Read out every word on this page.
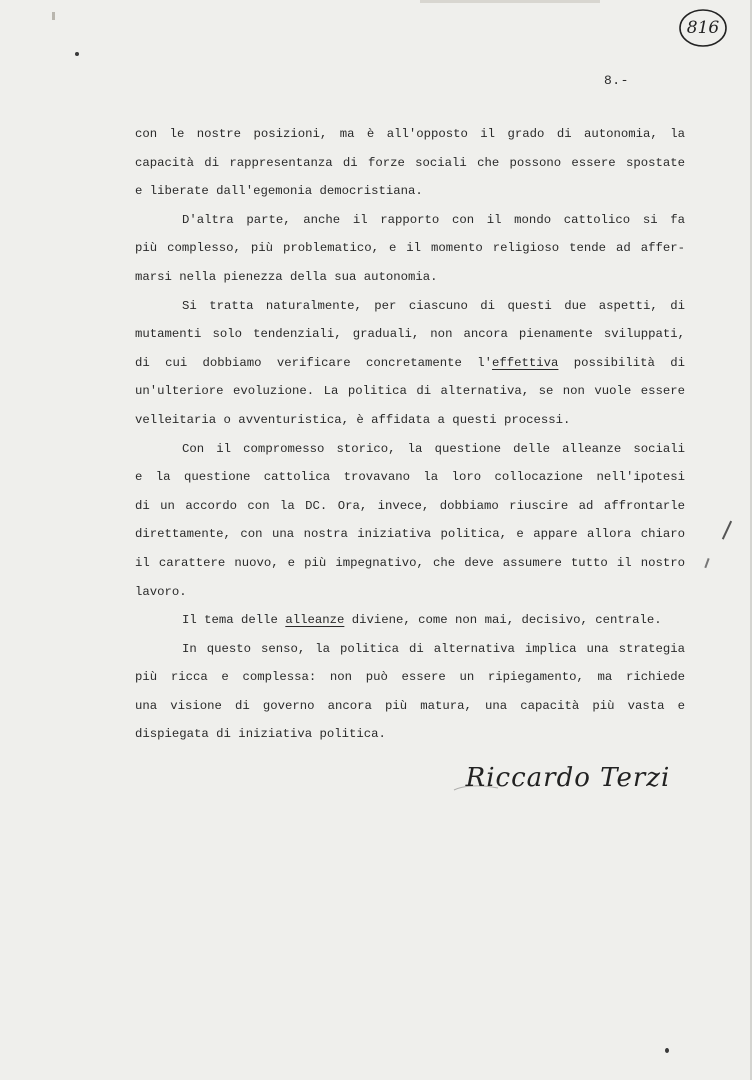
816
8.-
con le nostre posizioni, ma è all'opposto il grado di autonomia, la
capacità di rappresentanza di forze sociali che possono essere spostate
e liberate dall'egemonia democristiana.
D'altra parte, anche il rapporto con il mondo cattolico si fa
più complesso, più problematico, e il momento religioso tende ad affer-
marsi nella pienezza della sua autonomia.
Si tratta naturalmente, per ciascuno di questi due aspetti, di
mutamenti solo tendenziali, graduali, non ancora pienamente sviluppati,
di cui dobbiamo verificare concretamente l'effettiva possibilità di
un'ulteriore evoluzione. La politica di alternativa, se non vuole essere
velleitaria o avventuristica, è affidata a questi processi.
Con il compromesso storico, la questione delle alleanze sociali
e la questione cattolica trovavano la loro collocazione nell'ipotesi
di un accordo con la DC. Ora, invece, dobbiamo riuscire ad affrontarle
direttamente, con una nostra iniziativa politica, e appare allora chiaro
il carattere nuovo, e più impegnativo, che deve assumere tutto il nostro
lavoro.
Il tema delle alleanze diviene, come non mai, decisivo, centrale.
In questo senso, la politica di alternativa implica una strategia
più ricca e complessa: non può essere un ripiegamento, ma richiede
una visione di governo ancora più matura, una capacità più vasta e
dispiegata di iniziativa politica.
Riccardo Terzi
